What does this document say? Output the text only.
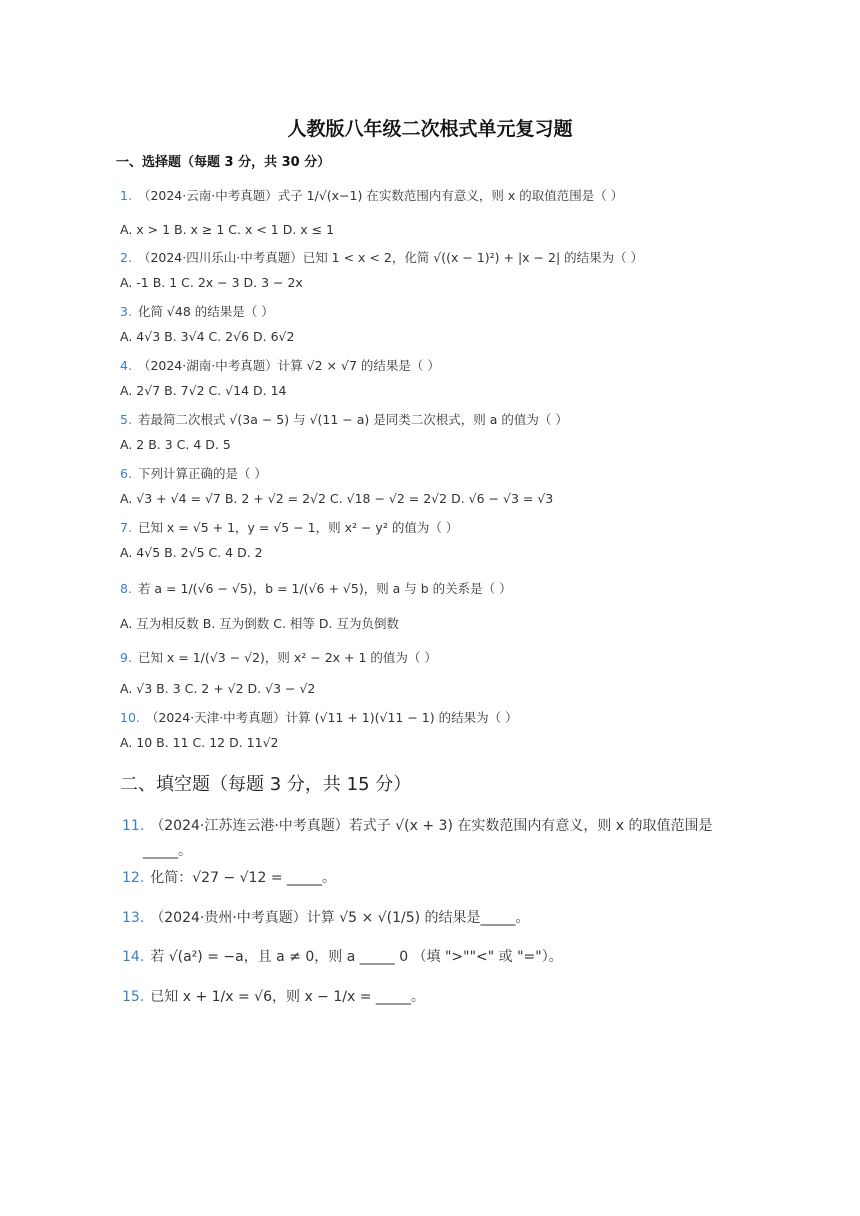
人教版八年级二次根式单元复习题
一、选择题（每题 3 分，共 30 分）
1. （2024·云南·中考真题）式子 1/√(x−1) 在实数范围内有意义，则 x 的取值范围是（ ）
A. x > 1 B. x ≥ 1 C. x < 1 D. x ≤ 1
2. （2024·四川乐山·中考真题）已知 1 < x < 2，化简 √((x − 1)²) + |x − 2| 的结果为（ ）
A. -1 B. 1 C. 2x − 3 D. 3 − 2x
3. 化简 √48 的结果是（ ）
A. 4√3 B. 3√4 C. 2√6 D. 6√2
4. （2024·湖南·中考真题）计算 √2 × √7 的结果是（ ）
A. 2√7 B. 7√2 C. √14 D. 14
5. 若最简二次根式 √(3a − 5) 与 √(11 − a) 是同类二次根式，则 a 的值为（ ）
A. 2 B. 3 C. 4 D. 5
6. 下列计算正确的是（ ）
A. √3 + √4 = √7 B. 2 + √2 = 2√2 C. √18 − √2 = 2√2 D. √6 − √3 = √3
7. 已知 x = √5 + 1，y = √5 − 1，则 x² − y² 的值为（ ）
A. 4√5 B. 2√5 C. 4 D. 2
8. 若 a = 1/(√6 − √5)，b = 1/(√6 + √5)，则 a 与 b 的关系是（ ）
A. 互为相反数 B. 互为倒数 C. 相等 D. 互为负倒数
9. 已知 x = 1/(√3 − √2)，则 x² − 2x + 1 的值为（ ）
A. √3 B. 3 C. 2 + √2 D. √3 − √2
10. （2024·天津·中考真题）计算 (√11 + 1)(√11 − 1) 的结果为（ ）
A. 10 B. 11 C. 12 D. 11√2
二、填空题（每题 3 分，共 15 分）
11. （2024·江苏连云港·中考真题）若式子 √(x + 3) 在实数范围内有意义，则 x 的取值范围是
_____。
12. 化简：√27 − √12 = _____。
13. （2024·贵州·中考真题）计算 √5 × √(1/5) 的结果是_____。
14. 若 √(a²) = −a，且 a ≠ 0，则 a _____ 0 （填 ">""<" 或 "="）。
15. 已知 x + 1/x = √6，则 x − 1/x = _____。
